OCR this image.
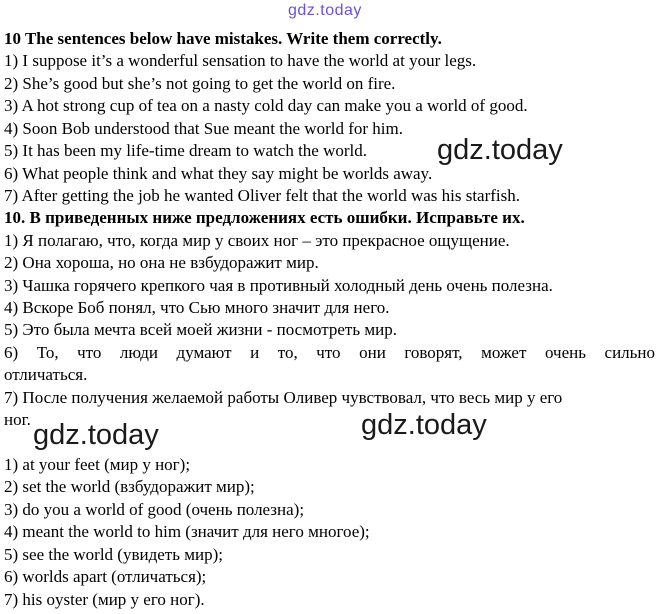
gdz.today
10 The sentences below have mistakes. Write them correctly.
1) I suppose it’s a wonderful sensation to have the world at your legs.
2) She’s good but she’s not going to get the world on fire.
3) A hot strong cup of tea on a nasty cold day can make you a world of good.
4) Soon Bob understood that Sue meant the world for him.
5) It has been my life-time dream to watch the world.
6) What people think and what they say might be worlds away.
7) After getting the job he wanted Oliver felt that the world was his starfish.
gdz.today
10. В приведенных ниже предложениях есть ошибки. Исправьте их.
1) Я полагаю, что, когда мир у своих ног – это прекрасное ощущение.
2) Она хороша, но она не взбудоражит мир.
3) Чашка горячего крепкого чая в противный холодный день очень полезна.
4) Вскоре Боб понял, что Сью много значит для него.
5) Это была мечта всей моей жизни - посмотреть мир.
6) То, что люди думают и то, что они говорят, может очень сильно
отличаться.
7) После получения желаемой работы Оливер чувствовал, что весь мир у его
ног. gdz.today	gdz.today
1) at your feet (мир у ног);
2) set the world (взбудоражит мир);
3) do you a world of good (очень полезна);
4) meant the world to him (значит для него многое);
5) see the world (увидеть мир);
6) worlds apart (отличаться);
7) his oyster (мир у его ног).
